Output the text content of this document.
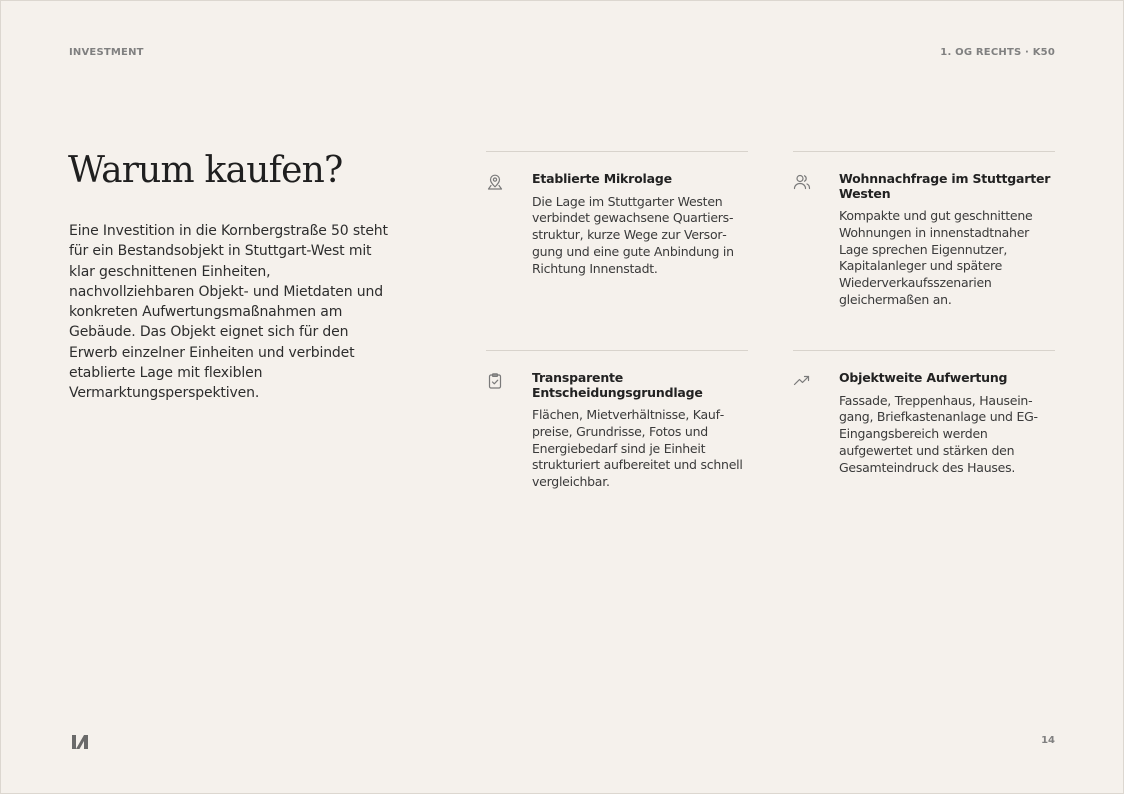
INVESTMENT	1. OG RECHTS · K50
Warum kaufen?

Eine Investition in die Kornbergstraße 50 steht für ein Bestandsobjekt in Stuttgart-West mit klar geschnittenen Einheiten, nachvollziehbaren Objekt- und Mietdaten und konkreten Aufwertungsmaßnahmen am Gebäude. Das Objekt eignet sich für den Erwerb einzelner Einheiten und verbindet etablierte Lage mit flexiblen Vermarktungsperspektiven.

Etablierte Mikrolage
Die Lage im Stuttgarter Westen verbindet gewachsene Quartiersstruktur, kurze Wege zur Versorgung und eine gute Anbindung in Richtung Innenstadt.
Wohnnachfrage im Stuttgarter Westen
Kompakte und gut geschnittene Wohnungen in innenstadtnaher Lage sprechen Eigennutzer, Kapitalanleger und spätere Wiederverkaufsszenarien gleichermaßen an.
Transparente Entscheidungsgrundlage
Flächen, Mietverhältnisse, Kaufpreise, Grundrisse, Fotos und Energiebedarf sind je Einheit strukturiert aufbereitet und schnell vergleichbar.
Objektweite Aufwertung
Fassade, Treppenhaus, Hauseingang, Briefkastenanlage und EG-Eingangsbereich werden aufgewertet und stärken den Gesamteindruck des Hauses.
14
